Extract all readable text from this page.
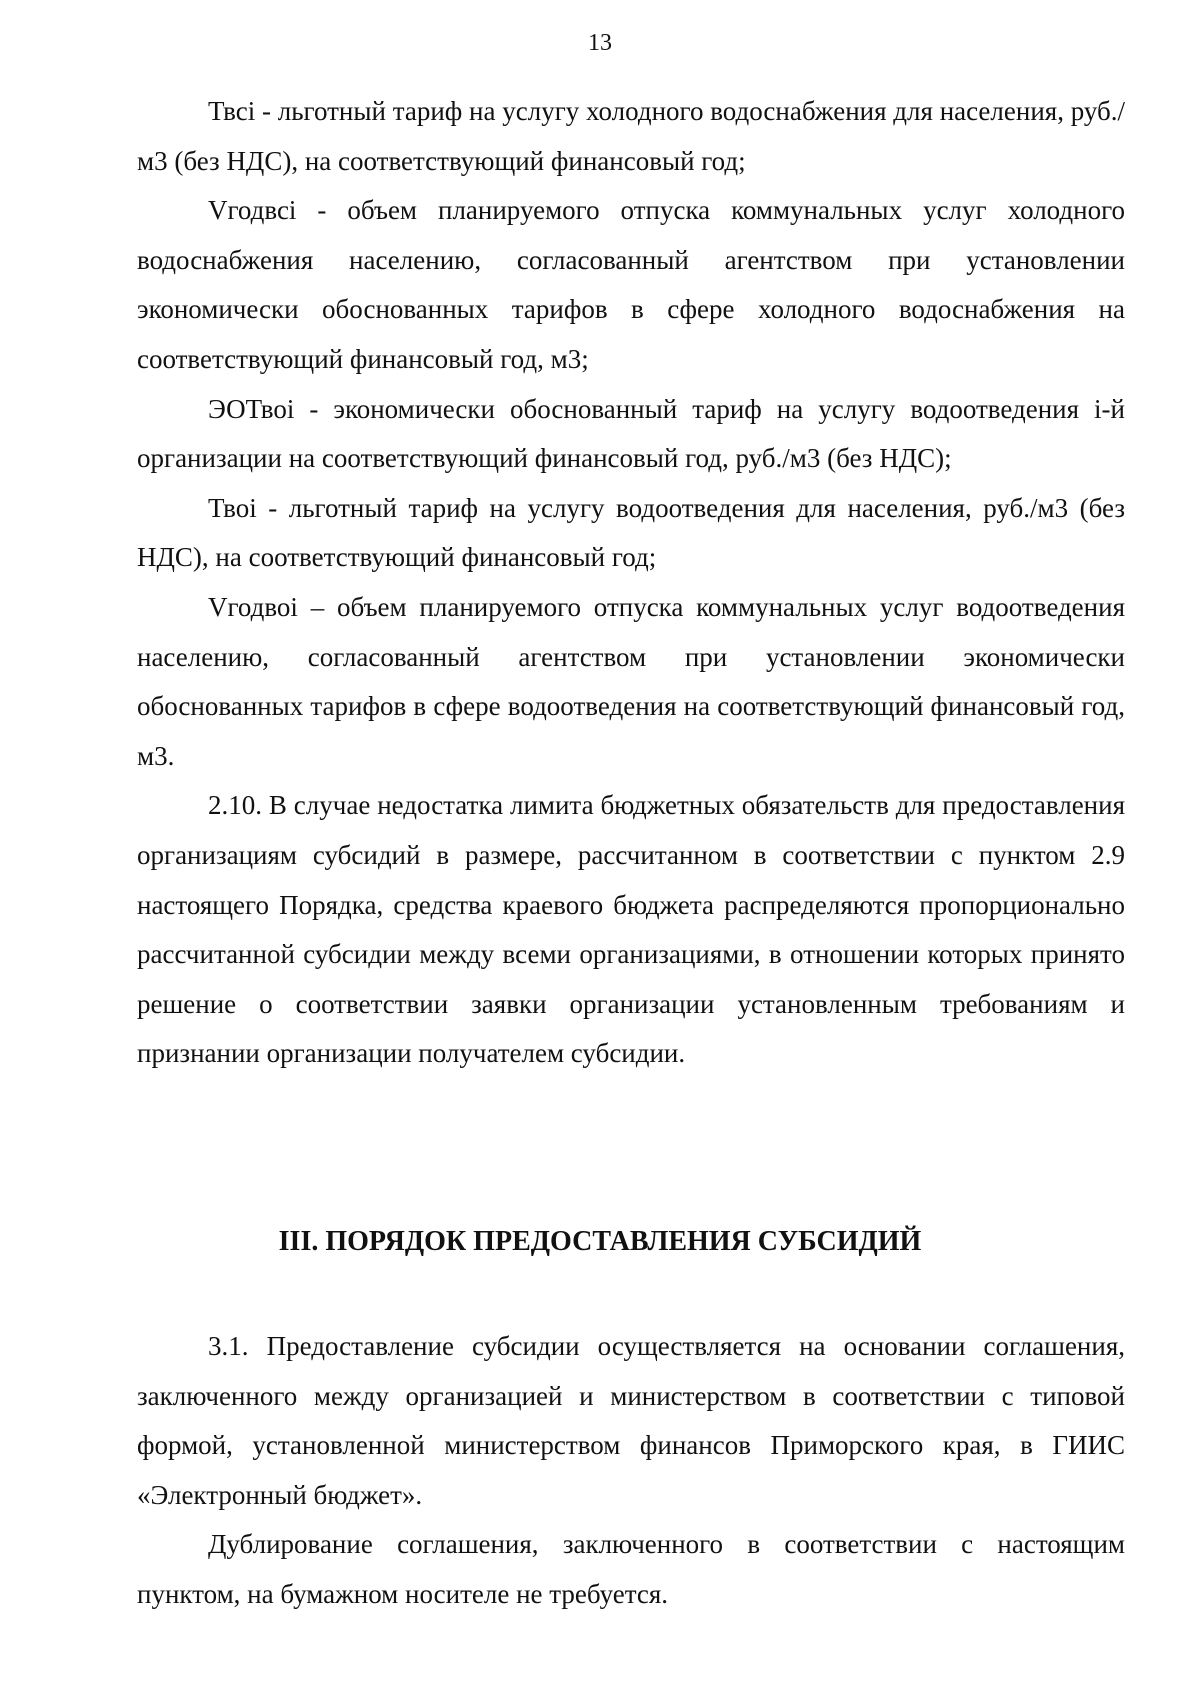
13

Твсi - льготный тариф на услугу холодного водоснабжения для населения, руб./м3 (без НДС), на соответствующий финансовый год;

Vгодвсi - объем планируемого отпуска коммунальных услуг холодного водоснабжения населению, согласованный агентством при установлении экономически обоснованных тарифов в сфере холодного водоснабжения на соответствующий финансовый год, м3;

ЭОТвоi - экономически обоснованный тариф на услугу водоотведения i-й организации на соответствующий финансовый год, руб./м3 (без НДС);

Твоi - льготный тариф на услугу водоотведения для населения, руб./м3 (без НДС), на соответствующий финансовый год;

Vгодвоi – объем планируемого отпуска коммунальных услуг водоотведения населению, согласованный агентством при установлении экономически обоснованных тарифов в сфере водоотведения на соответствующий финансовый год, м3.

2.10. В случае недостатка лимита бюджетных обязательств для предоставления организациям субсидий в размере, рассчитанном в соответствии с пунктом 2.9 настоящего Порядка, средства краевого бюджета распределяются пропорционально рассчитанной субсидии между всеми организациями, в отношении которых принято решение о соответствии заявки организации установленным требованиям и признании организации получателем субсидии.

III. ПОРЯДОК ПРЕДОСТАВЛЕНИЯ СУБСИДИЙ

3.1. Предоставление субсидии осуществляется на основании соглашения, заключенного между организацией и министерством в соответствии с типовой формой, установленной министерством финансов Приморского края, в ГИИС «Электронный бюджет».

Дублирование соглашения, заключенного в соответствии с настоящим пунктом, на бумажном носителе не требуется.
